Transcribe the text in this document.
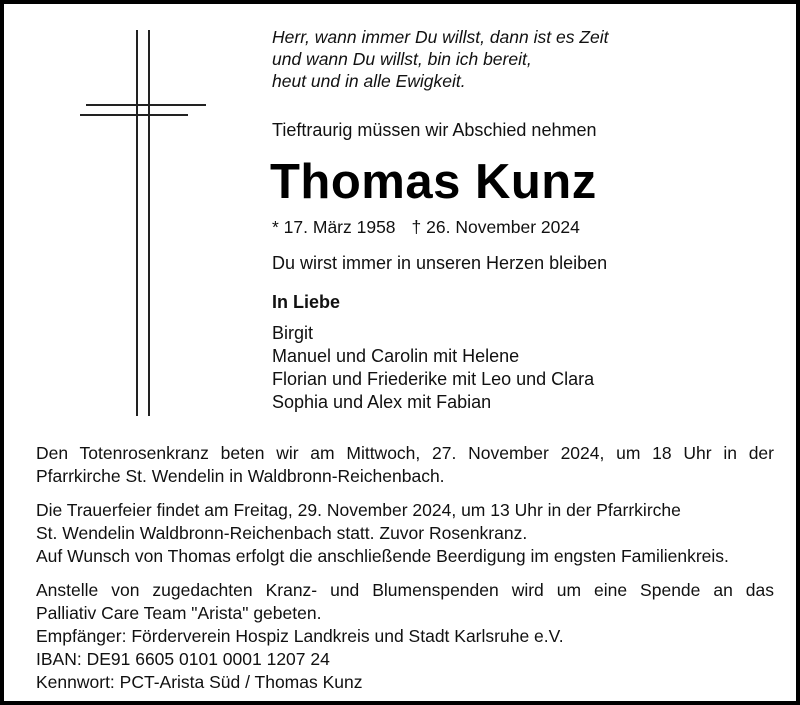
Herr, wann immer Du willst, dann ist es Zeit
und wann Du willst, bin ich bereit,
heut und in alle Ewigkeit.
Tieftraurig müssen wir Abschied nehmen
Thomas Kunz
* 17. März 1958 † 26. November 2024
Du wirst immer in unseren Herzen bleiben
In Liebe
Birgit
Manuel und Carolin mit Helene
Florian und Friederike mit Leo und Clara
Sophia und Alex mit Fabian
Den Totenrosenkranz beten wir am Mittwoch, 27. November 2024, um 18 Uhr in der
Pfarrkirche St. Wendelin in Waldbronn-Reichenbach.
Die Trauerfeier findet am Freitag, 29. November 2024, um 13 Uhr in der Pfarrkirche
St. Wendelin Waldbronn-Reichenbach statt. Zuvor Rosenkranz.
Auf Wunsch von Thomas erfolgt die anschließende Beerdigung im engsten Familienkreis.
Anstelle von zugedachten Kranz- und Blumenspenden wird um eine Spende an das
Palliativ Care Team "Arista" gebeten.
Empfänger: Förderverein Hospiz Landkreis und Stadt Karlsruhe e.V.
IBAN: DE91 6605 0101 0001 1207 24
Kennwort: PCT-Arista Süd / Thomas Kunz
